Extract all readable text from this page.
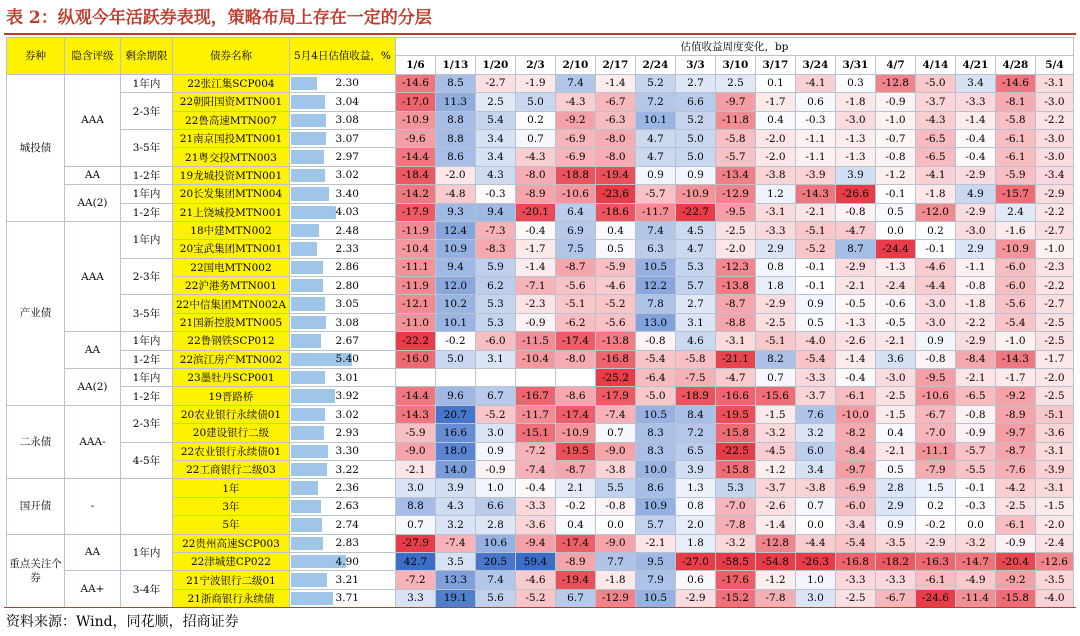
表 2：纵观今年活跃券表现，策略布局上存在一定的分层
券种	隐含评级	剩余期限	债券名称	5月4日估值收益，%	估值收益周度变化，bp																
					1/6	1/13	1/20	2/3	2/10	2/17	2/24	3/3	3/10	3/17	3/24	3/31	4/7	4/14	4/21	4/28	5/4
城投债	AAA	1年内	22张江集SCP004	2.30	-14.6	8.5	-2.7	-1.9	7.4	-1.4	5.2	2.7	2.5	0.1	-4.1	0.3	-12.8	-5.0	3.4	-14.6	-3.1
		2-3年	22朝阳国资MTN001	3.04	-17.0	11.3	2.5	5.0	-4.3	-6.7	7.2	6.6	-9.7	-1.7	0.6	-1.8	-0.9	-3.7	-3.3	-8.1	-3.0
			22鲁高速MTN007	3.08	-10.9	8.8	5.4	0.2	-9.2	-6.3	10.1	5.2	-11.8	0.4	-0.3	-3.0	-1.0	-4.3	-1.4	-5.8	-2.2
		3-5年	21南京国投MTN001	3.07	-9.6	8.8	3.4	0.7	-6.9	-8.0	4.7	5.0	-5.8	-2.0	-1.1	-1.3	-0.7	-6.5	-0.4	-6.1	-3.0
			21粤交投MTN003	2.97	-14.4	8.6	3.4	-4.3	-6.9	-8.0	4.7	5.0	-5.7	-2.0	-1.1	-1.3	-0.8	-6.5	-0.4	-6.1	-3.0
	AA	1-2年	19龙城投资MTN001	3.02	-18.4	-2.0	4.3	-8.0	-18.8	-19.4	0.9	0.9	-13.4	-3.8	-3.9	3.9	-1.2	-4.1	-2.9	-5.9	-3.4
	AA(2)	1年内	20长发集团MTN004	3.40	-14.2	-4.8	-0.3	-8.9	-10.6	-23.6	-5.7	-10.9	-12.9	1.2	-14.3	-26.6	-0.1	-1.8	4.9	-15.7	-2.9
		1-2年	21上饶城投MTN001	4.03	-17.9	9.3	9.4	-20.1	6.4	-18.6	-11.7	-22.7	-9.5	-3.1	-2.1	-0.8	0.5	-12.0	-2.9	2.4	-2.2
产业债	AAA	1年内	18中建MTN002	2.48	-11.9	12.4	-7.3	-0.4	6.9	0.4	7.4	4.5	-2.5	-3.3	-5.1	-4.7	0.0	0.2	-3.0	-1.6	-2.7
			20宝武集团MTN001	2.33	-10.4	10.9	-8.3	-1.7	7.5	0.5	6.3	4.7	-2.0	2.9	-5.2	8.7	-24.4	-0.1	2.9	-10.9	-1.0
		2-3年	22国电MTN002	2.86	-11.1	9.4	5.9	-1.4	-8.7	-5.9	10.5	5.3	-12.3	0.8	-0.1	-2.9	-1.3	-4.6	-1.1	-6.0	-2.3
			22沪港务MTN001	2.80	-11.9	12.0	6.2	-7.1	-5.6	-4.6	12.2	5.7	-13.8	1.8	-0.1	-2.1	-2.4	-4.4	-0.8	-6.0	-2.2
		3-5年	22中信集团MTN002A	3.05	-12.1	10.2	5.3	-2.3	-5.1	-5.2	7.8	2.7	-8.7	-2.9	0.9	-0.5	-0.6	-3.0	-1.8	-5.6	-2.7
			21国新控股MTN005	3.08	-11.0	10.1	5.3	-0.9	-6.2	-5.6	13.0	3.1	-8.8	-2.5	0.5	-1.3	-0.5	-3.0	-2.2	-5.4	-2.5
	AA	1年内	22鲁钢铁SCP012	2.67	-22.2	-0.2	-6.0	-11.5	-17.4	-13.8	-0.8	4.6	-3.1	-5.1	-4.0	-2.6	-2.1	0.9	-2.9	-1.0	-2.5
		1-2年	22滨江房产MTN002	5.40	-16.0	5.0	3.1	-10.4	-8.0	-16.8	-5.4	-5.8	-21.1	8.2	-5.4	-1.4	3.6	-0.8	-8.4	-14.3	-1.7
	AA(2)	1年内	23墨牡丹SCP001	3.01						-25.2	-6.4	-7.5	-4.7	0.7	-3.3	-0.4	-3.0	-9.5	-2.1	-1.7	-2.0
		1-2年	19晋路桥	3.92	-14.4	9.6	6.7	-16.7	-8.6	-17.9	-5.0	-18.9	-16.6	-15.6	-3.7	-6.1	-2.5	-10.6	-6.5	-9.2	-2.5
二永债	AAA-	2-3年	20农业银行永续债01	3.02	-14.3	20.7	-5.2	-11.7	-17.4	-7.4	10.5	8.4	-19.5	-1.5	7.6	-10.0	-1.5	-6.7	-0.8	-8.9	-5.1
			20建设银行二级	2.93	-5.9	16.6	3.0	-15.1	-10.9	0.7	8.3	7.2	-15.8	-3.2	3.2	-8.2	0.4	-7.0	-0.9	-9.7	-3.6
		4-5年	22农业银行永续债01	3.30	-9.0	18.0	0.9	-7.2	-19.5	-9.0	8.3	6.5	-22.5	-4.5	6.0	-8.4	-2.1	-11.1	-5.7	-8.7	-3.1
			22工商银行二级03	3.22	-2.1	14.0	-0.9	-7.4	-8.7	-3.8	10.0	3.9	-15.8	-1.2	3.4	-9.7	0.5	-7.9	-5.5	-7.6	-3.9
国开债	-		1年	2.36	3.0	3.9	1.0	-0.4	2.1	5.5	8.6	1.3	5.3	-3.7	-3.8	-6.9	2.8	1.5	-0.1	-4.2	-3.1
			3年	2.63	8.8	4.3	6.6	-3.3	-0.2	-0.8	10.9	0.8	-7.0	-2.6	0.7	-6.0	2.9	0.2	-0.3	-2.5	-1.5
			5年	2.74	0.7	3.2	2.8	-3.6	0.4	0.0	5.7	2.0	-7.8	-1.4	0.0	-3.4	0.9	-0.2	0.0	-6.1	-2.0
重点关注个券	AA	1年内	22贵州高速SCP003	2.83	-27.9	-7.4	10.6	-9.4	-17.4	-9.0	-2.1	1.8	-3.2	-12.8	-4.4	-5.4	-3.5	-2.9	-3.2	-0.9	-2.4
			22津城建CP022	4.90	42.7	3.5	20.5	59.4	-8.9	7.7	9.5	-27.0	-58.5	-54.8	-26.3	-16.8	-18.2	-16.3	-14.7	-20.4	-12.6
	AA+	3-4年	21宁波银行二级01	3.21	-7.2	13.3	7.4	-4.6	-19.4	-1.8	7.9	0.6	-17.6	-1.2	1.0	-3.3	-3.3	-6.1	-4.9	-9.2	-3.5
			21浙商银行永续债	3.71	3.3	19.1	5.6	-5.2	6.7	-12.9	10.5	-2.9	-15.2	-7.8	3.0	-2.5	-6.7	-24.6	-11.4	-15.8	-4.0
资料来源：Wind，同花顺，招商证券
